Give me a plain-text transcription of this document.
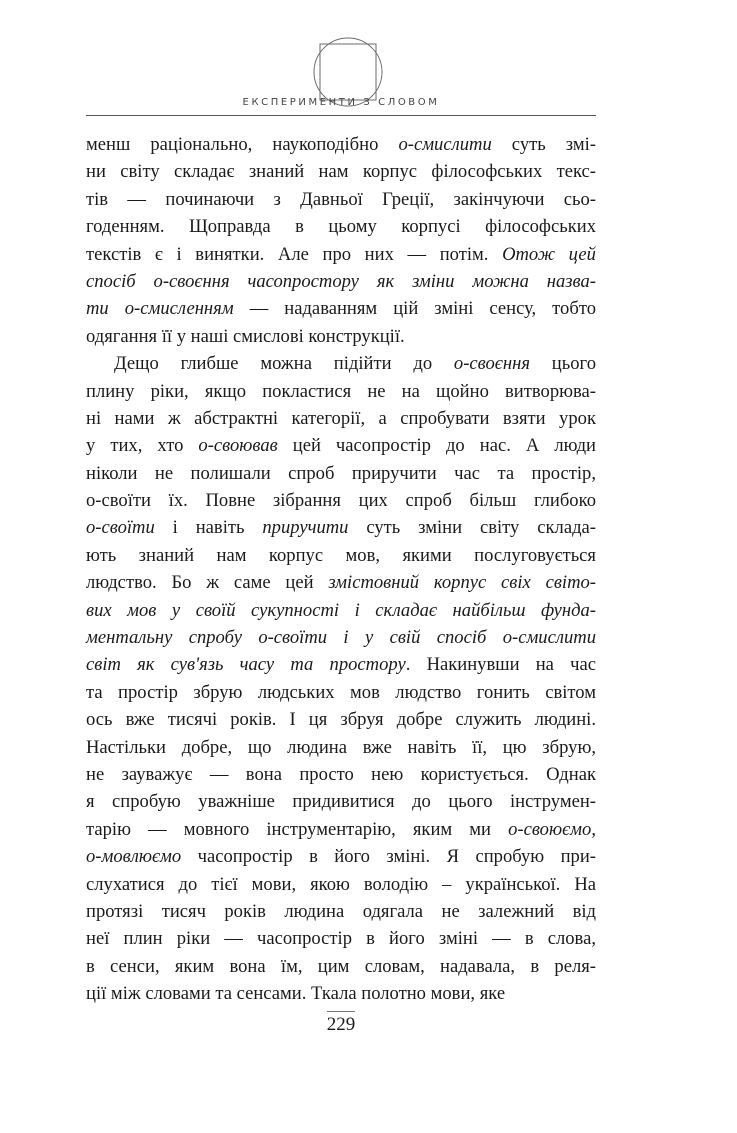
ЕКСПЕРИМЕНТИ З СЛОВОМ
менш раціонально, наукоподібно о-смислити суть змі-
ни світу складає знаний нам корпус філософських текс-
тів — починаючи з Давньої Греції, закінчуючи сьо-
годенням. Щоправда в цьому корпусі філософських
текстів є і винятки. Але про них — потім. Отож цей
спосіб о-своєння часопростору як зміни можна назва-
ти о-смисленням — надаванням цій зміні сенсу, тобто
одягання її у наші смислові конструкції.
Дещо глибше можна підійти до о-своєння цього
плину ріки, якщо покластися не на щойно витворюва-
ні нами ж абстрактні категорії, а спробувати взяти урок
у тих, хто о-своював цей часопростір до нас. А люди
ніколи не полишали спроб приручити час та простір,
о-своїти їх. Повне зібрання цих спроб більш глибоко
о-своїти і навіть приручити суть зміни світу склада-
ють знаний нам корпус мов, якими послуговується
людство. Бо ж саме цей змістовний корпус свіх світо-
вих мов у своїй сукупності і складає найбільш фунда-
ментальну спробу о-своїти і у свій спосіб о-смислити
світ як сув'язь часу та простору. Накинувши на час
та простір збрую людських мов людство гонить світом
ось вже тисячі років. І ця збруя добре служить людині.
Настільки добре, що людина вже навіть її, цю збрую,
не зауважує — вона просто нею користується. Однак
я спробую уважніше придивитися до цього інструмен-
тарію — мовного інструментарію, яким ми о-своюємо,
о-мовлюємо часопростір в його зміні. Я спробую при-
слухатися до тієї мови, якою володію – української. На
протязі тисяч років людина одягала не залежний від
неї плин ріки — часопростір в його зміні — в слова,
в сенси, яким вона їм, цим словам, надавала, в реля-
ції між словами та сенсами. Ткала полотно мови, яке
229
